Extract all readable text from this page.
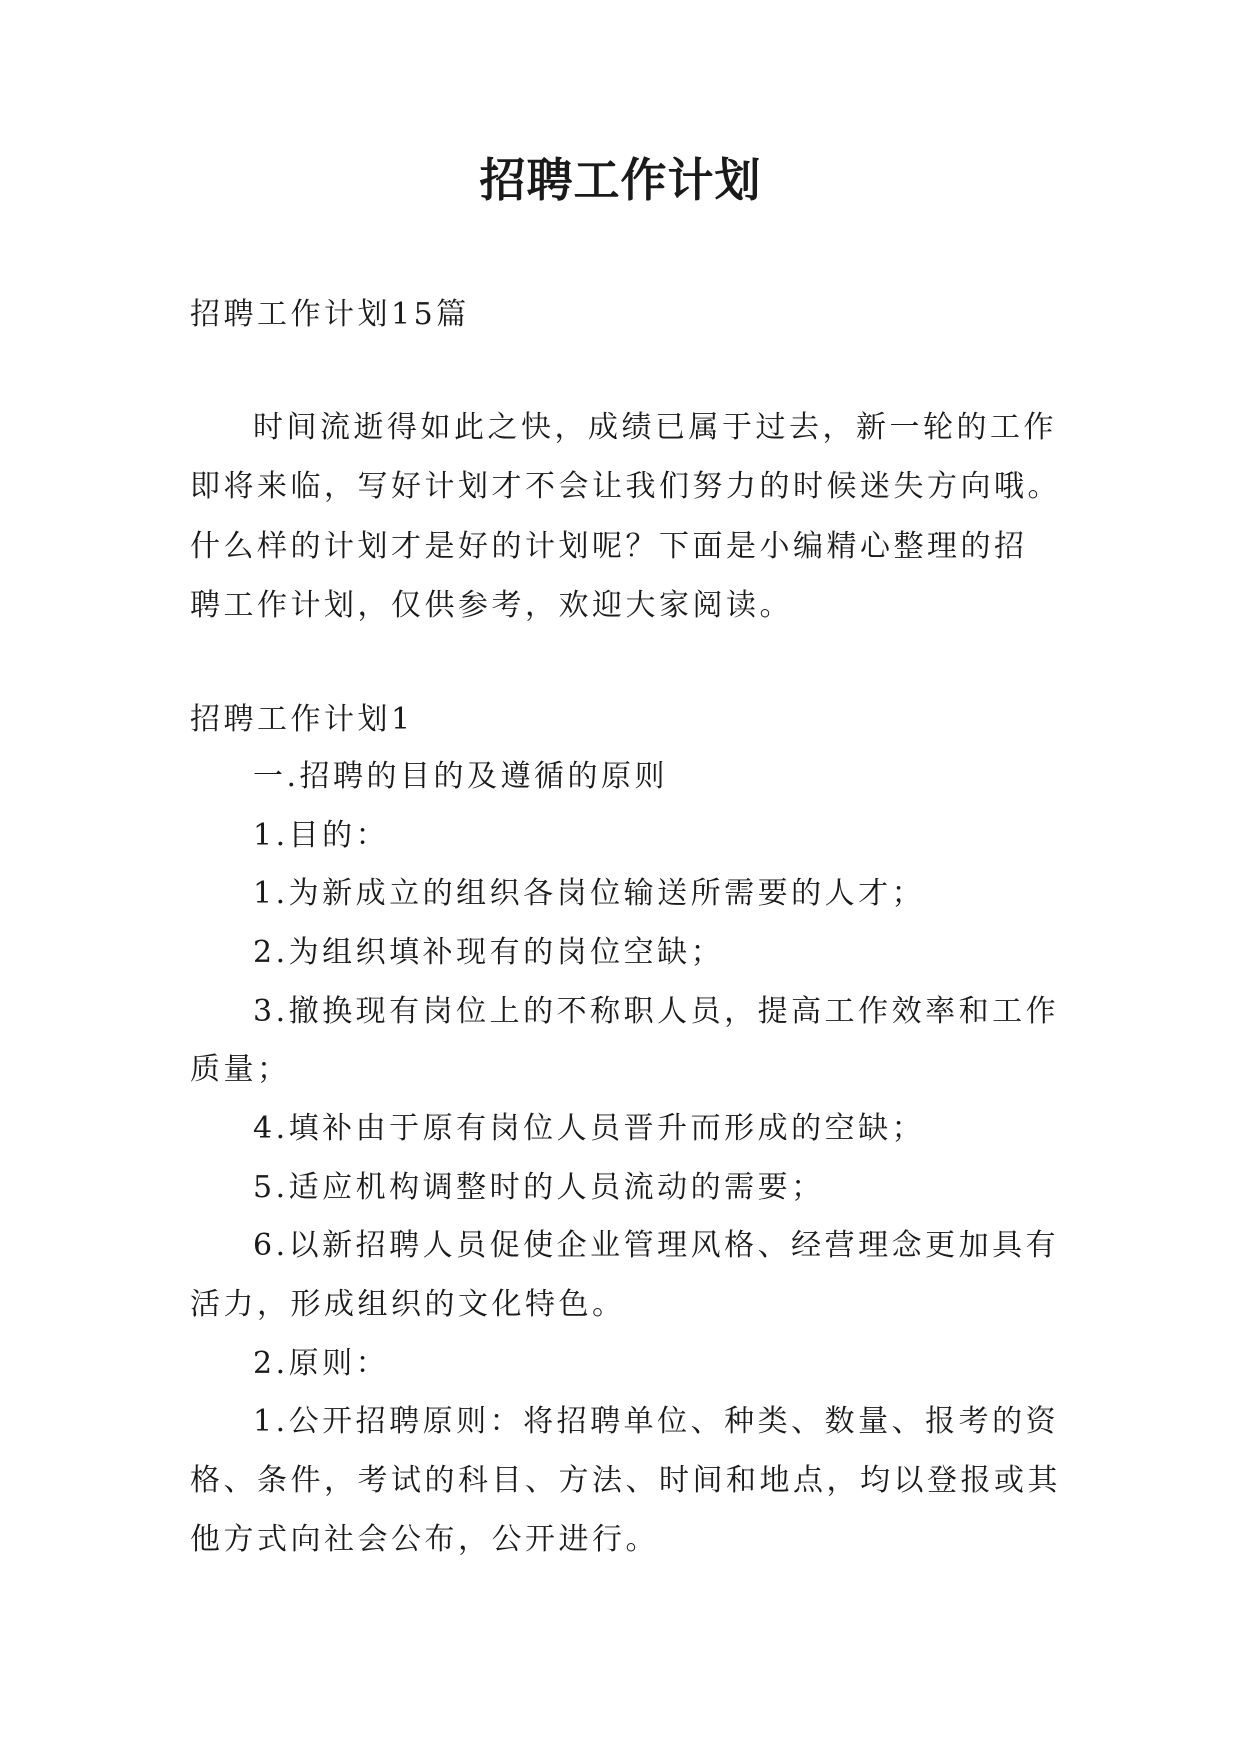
招聘工作计划
招聘工作计划15篇
时间流逝得如此之快，成绩已属于过去，新一轮的工作
即将来临，写好计划才不会让我们努力的时候迷失方向哦。
什么样的计划才是好的计划呢？下面是小编精心整理的招
聘工作计划，仅供参考，欢迎大家阅读。
招聘工作计划1
一.招聘的目的及遵循的原则
1.目的：
1.为新成立的组织各岗位输送所需要的人才；
2.为组织填补现有的岗位空缺；
3.撤换现有岗位上的不称职人员，提高工作效率和工作
质量；
4.填补由于原有岗位人员晋升而形成的空缺；
5.适应机构调整时的人员流动的需要；
6.以新招聘人员促使企业管理风格、经营理念更加具有
活力，形成组织的文化特色。
2.原则：
1.公开招聘原则：将招聘单位、种类、数量、报考的资
格、条件，考试的科目、方法、时间和地点，均以登报或其
他方式向社会公布，公开进行。
